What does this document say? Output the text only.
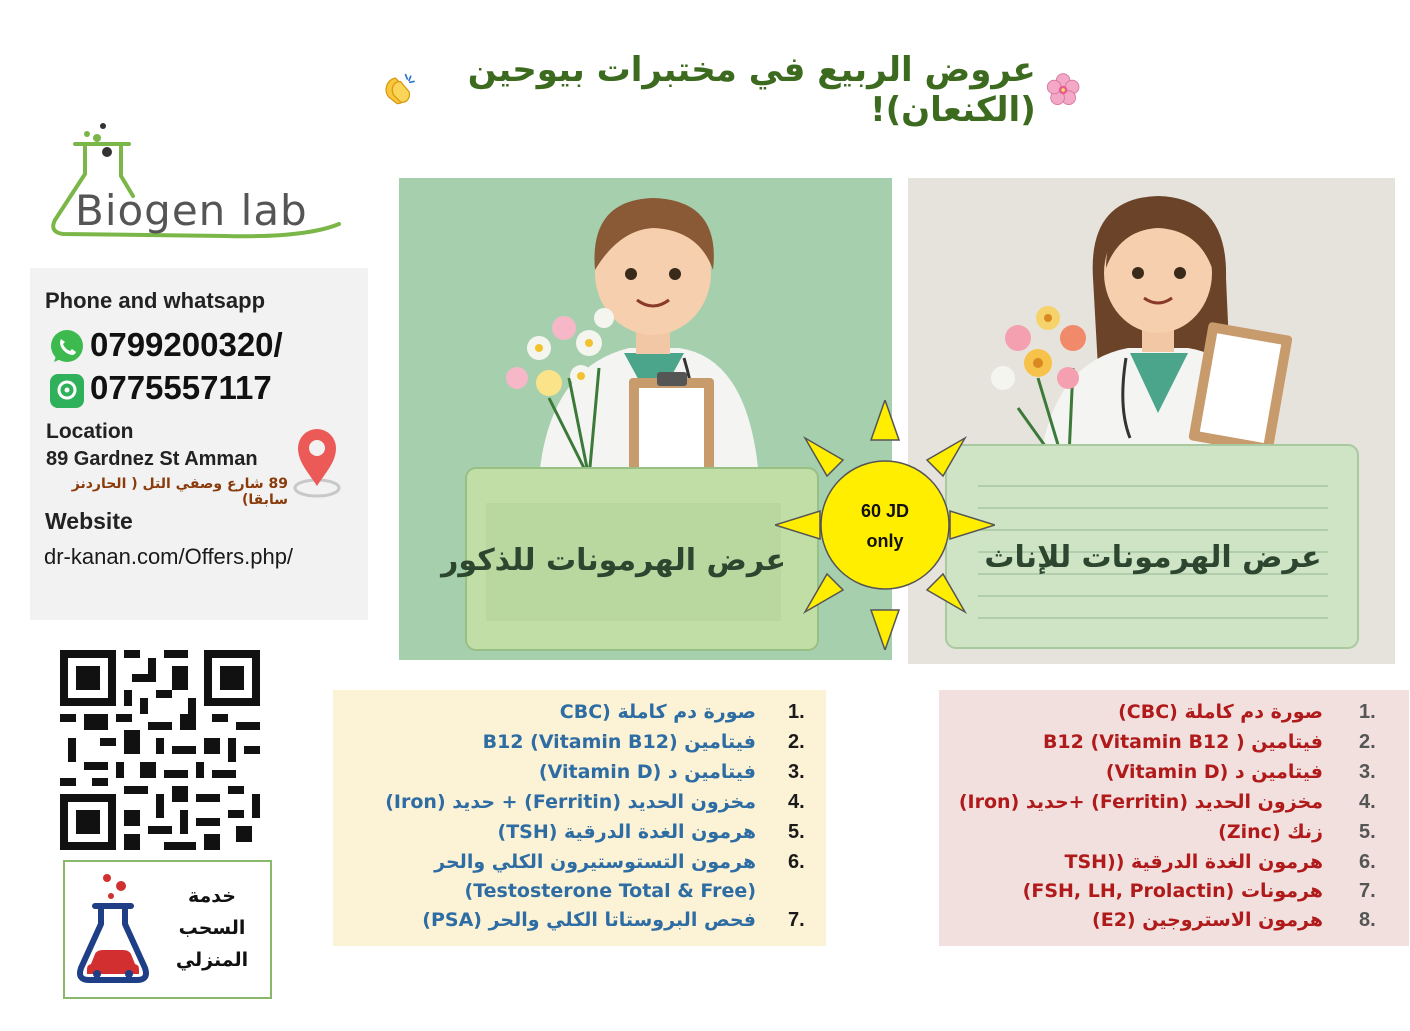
عروض الربيع في مختبرات بيوحين (الكنعان)!
Biogen lab
Phone and whatsapp
0799200320/
0775557117
Location
89 Gardnez St Amman
89 شارع وصفي التل ( الحاردنز سابقا)
Website
dr-kanan.com/Offers.php/
خدمة السحب المنزلي
عرض الهرمونات للذكور	عرض الهرمونات للإناث
60 JD
only
1.
صورة دم كاملة (CBC
2.
فيتامين B12 (Vitamin B12)
3.
فيتامين د (Vitamin D)
4.
مخزون الحديد (Ferritin) + حديد (Iron)
5.
هرمون الغدة الدرقية (TSH)
6.
هرمون التستوستيرون الكلي والحر
(Testosterone Total & Free)
7.
فحص البروستاتا الكلي والحر (PSA)
1.
صورة دم كاملة (CBC)
2.
فيتامين ( Vitamin B12) B12
3.
فيتامين د (Vitamin D)
4.
مخزون الحديد (Ferritin) +حديد (Iron)
5.
زنك (Zinc)
6.
هرمون الغدة الدرقية ((TSH
7.
هرمونات (FSH, LH, Prolactin)
8.
هرمون الاستروجين (E2)
